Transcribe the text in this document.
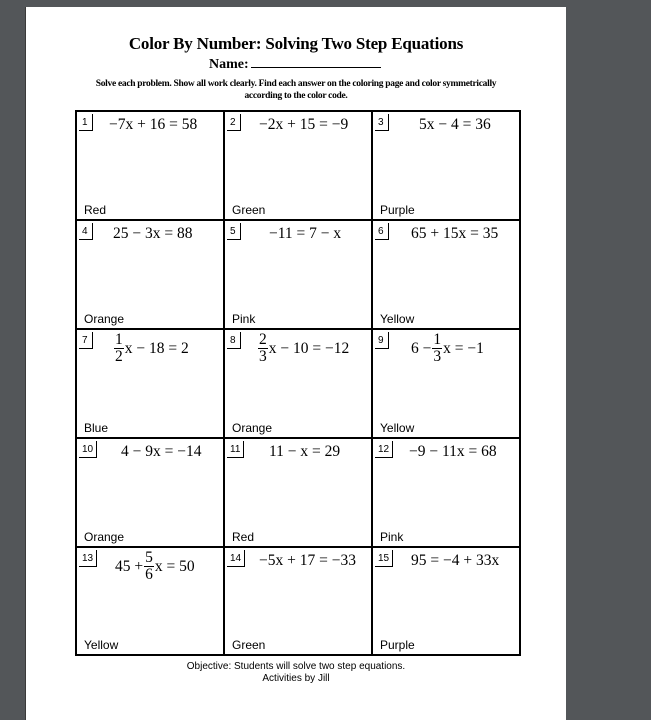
Color By Number: Solving Two Step Equations
Name:
Solve each problem. Show all work clearly. Find each answer on the coloring page and color symmetrically according to the color code.
1	−7x + 16 = 58
Red
2	−2x + 15 = −9
Green
3	5x − 4 = 36
Purple
4	25 − 3x = 88
Orange
5	−11 = 7 − x
Pink
6	65 + 15x = 35
Yellow
7	$\frac{1}{2}$ x − 18 = 2
Blue
8	$\frac{2}{3}$ x − 10 = −12
Orange
9	$6 - \frac{1}{3}$ x = −1
Yellow
10 4 − 9x = −14
Orange
11 11 − x = 29
Red
12 −9 − 11x = 68
Pink
13 $45 + \frac{5}{6}$ x = 50
Yellow
14 −5x + 17 = −33
Green
15 95 = −4 + 33x
Purple
Objective: Students will solve two step equations.
Activities by Jill
